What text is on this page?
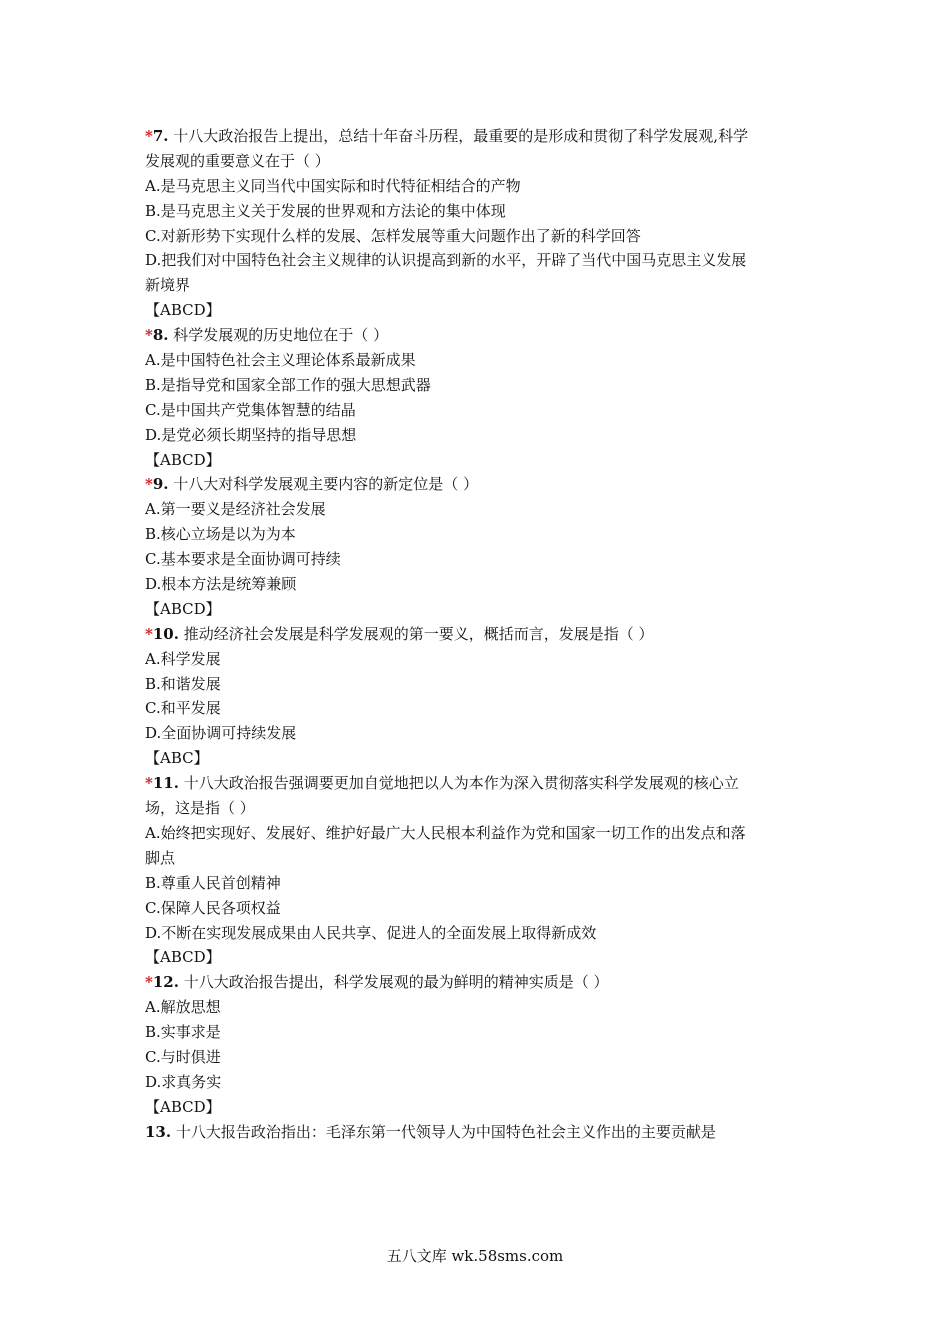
*7. 十八大政治报告上提出，总结十年奋斗历程，最重要的是形成和贯彻了科学发展观,科学
发展观的重要意义在于（ ）
A.是马克思主义同当代中国实际和时代特征相结合的产物
B.是马克思主义关于发展的世界观和方法论的集中体现
C.对新形势下实现什么样的发展、怎样发展等重大问题作出了新的科学回答
D.把我们对中国特色社会主义规律的认识提高到新的水平，开辟了当代中国马克思主义发展
新境界
【ABCD】
*8. 科学发展观的历史地位在于（ ）
A.是中国特色社会主义理论体系最新成果
B.是指导党和国家全部工作的强大思想武器
C.是中国共产党集体智慧的结晶
D.是党必须长期坚持的指导思想
【ABCD】
*9. 十八大对科学发展观主要内容的新定位是（ ）
A.第一要义是经济社会发展
B.核心立场是以为为本
C.基本要求是全面协调可持续
D.根本方法是统筹兼顾
【ABCD】
*10. 推动经济社会发展是科学发展观的第一要义，概括而言，发展是指（ ）
A.科学发展
B.和谐发展
C.和平发展
D.全面协调可持续发展
【ABC】
*11. 十八大政治报告强调要更加自觉地把以人为本作为深入贯彻落实科学发展观的核心立
场，这是指（ ）
A.始终把实现好、发展好、维护好最广大人民根本利益作为党和国家一切工作的出发点和落
脚点
B.尊重人民首创精神
C.保障人民各项权益
D.不断在实现发展成果由人民共享、促进人的全面发展上取得新成效
【ABCD】
*12. 十八大政治报告提出，科学发展观的最为鲜明的精神实质是（ ）
A.解放思想
B.实事求是
C.与时俱进
D.求真务实
【ABCD】
13. 十八大报告政治指出：毛泽东第一代领导人为中国特色社会主义作出的主要贡献是
五八文库 wk.58sms.com
